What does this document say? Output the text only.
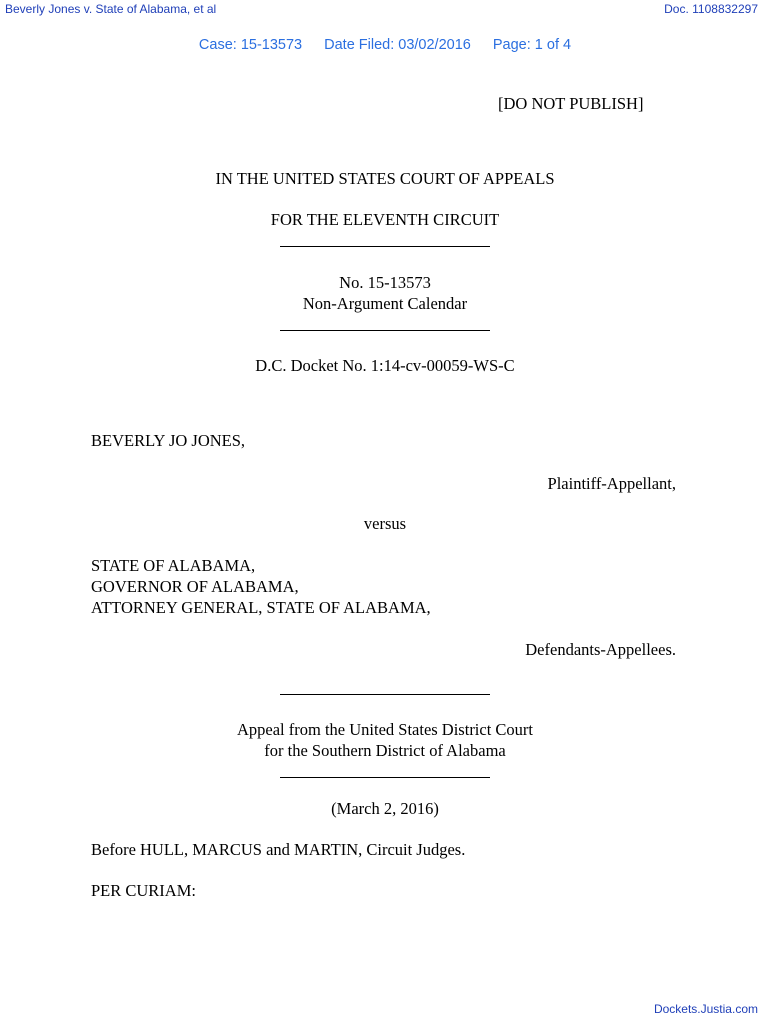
Beverly Jones v. State of Alabama, et al	Doc. 1108832297
Case: 15-13573 Date Filed: 03/02/2016 Page: 1 of 4
[DO NOT PUBLISH]
IN THE UNITED STATES COURT OF APPEALS
FOR THE ELEVENTH CIRCUIT
No. 15-13573
Non-Argument Calendar
D.C. Docket No. 1:14-cv-00059-WS-C
BEVERLY JO JONES,
Plaintiff-Appellant,
versus
STATE OF ALABAMA,
GOVERNOR OF ALABAMA,
ATTORNEY GENERAL, STATE OF ALABAMA,
Defendants-Appellees.
Appeal from the United States District Court
for the Southern District of Alabama
(March 2, 2016)
Before HULL, MARCUS and MARTIN, Circuit Judges.
PER CURIAM:
Dockets.Justia.com
